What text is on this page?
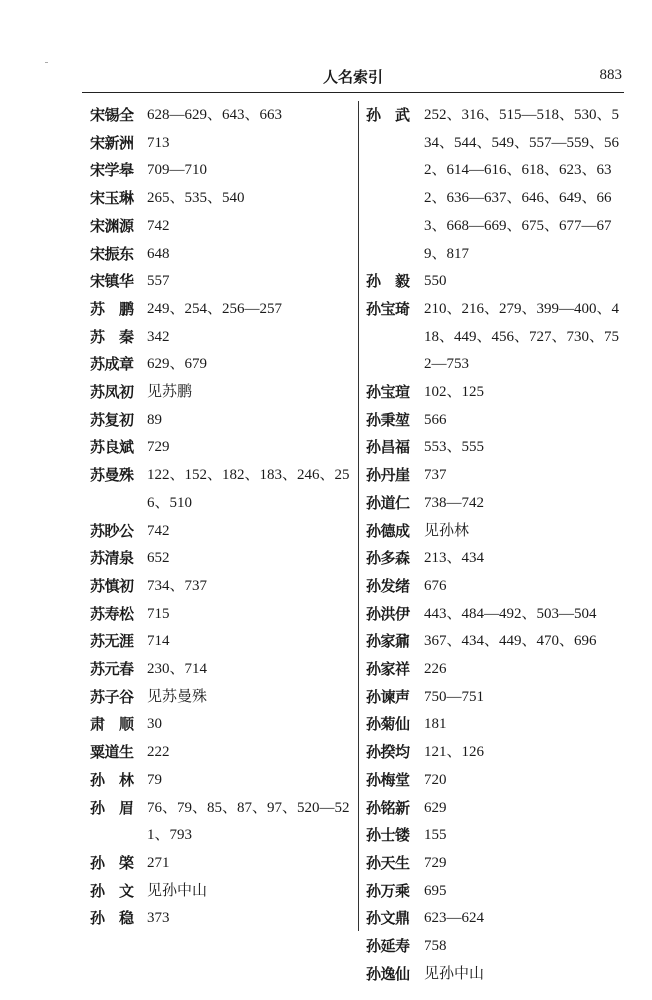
人名索引	883
宋锡全 628—629、643、663
宋新洲 713
宋学皋 709—710
宋玉琳 265、535、540
宋渊源 742
宋振东 648
宋镇华 557
苏　鹏 249、254、256—257
苏　秦 342
苏成章 629、679
苏凤初 见苏鹏
苏复初 89
苏良斌 729
苏曼殊 122、152、182、183、246、256、510
苏眇公 742
苏清泉 652
苏慎初 734、737
苏寿松 715
苏无涯 714
苏元春 230、714
苏子谷 见苏曼殊
肃　顺 30
粟道生 222
孙　林 79
孙　眉 76、79、85、87、97、520—521、793
孙　棨 271
孙　文 见孙中山
孙　稳 373
孙　武 252、316、515—518、530、534、544、549、557—559、562、614—616、618、623、632、636—637、646、649、663、668—669、675、677—679、817
孙　毅 550
孙宝琦 210、216、279、399—400、418、449、456、727、730、752—753
孙宝瑄 102、125
孙秉堃 566
孙昌福 553、555
孙丹崖 737
孙道仁 738—742
孙德成 见孙林
孙多森 213、434
孙发绪 676
孙洪伊 443、484—492、503—504
孙家鼐 367、434、449、470、696
孙家祥 226
孙谏声 750—751
孙菊仙 181
孙揆均 121、126
孙梅堂 720
孙铭新 629
孙士镂 155
孙天生 729
孙万乘 695
孙文鼎 623—624
孙延寿 758
孙逸仙 见孙中山
